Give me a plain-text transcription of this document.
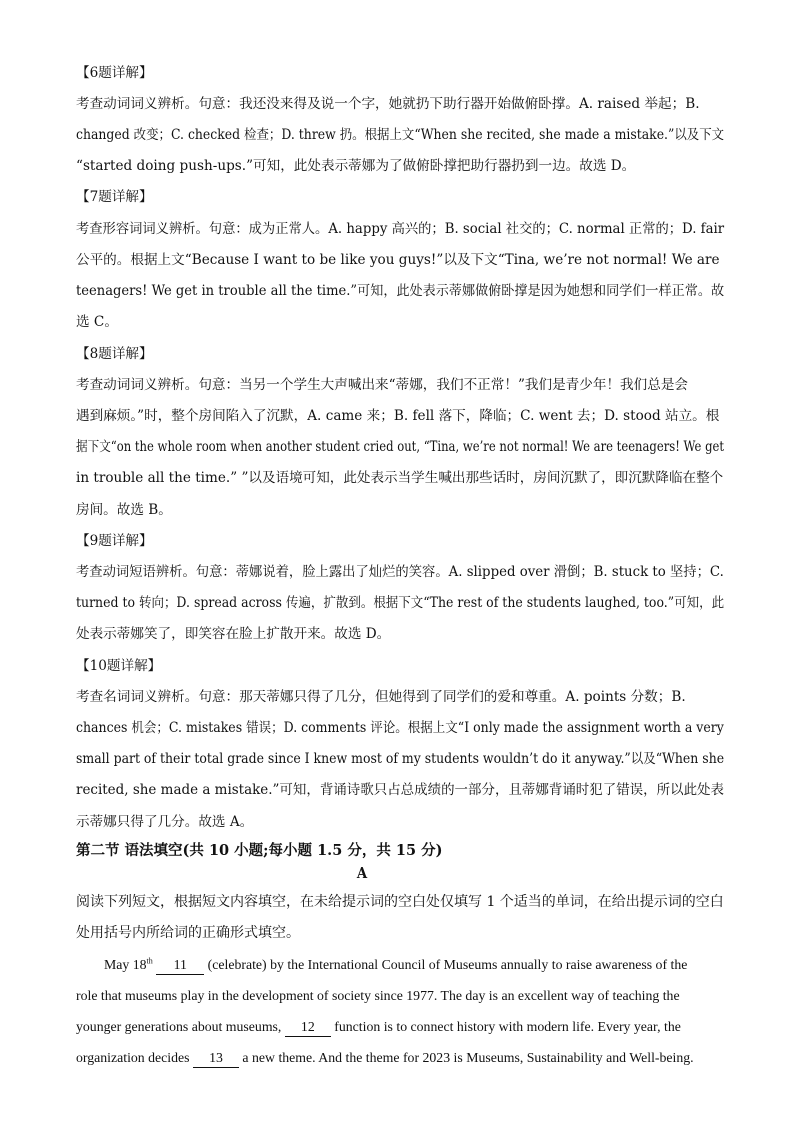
【6题详解】
考查动词词义辨析。句意：我还没来得及说一个字，她就扔下助行器开始做俯卧撑。A. raised 举起；B.
changed 改变；C. checked 检查；D. threw 扔。根据上文“When she recited, she made a mistake.”以及下文
“started doing push-ups.”可知，此处表示蒂娜为了做俯卧撑把助行器扔到一边。故选 D。
【7题详解】
考查形容词词义辨析。句意：成为正常人。A. happy 高兴的；B. social 社交的；C. normal 正常的；D. fair
公平的。根据上文“Because I want to be like you guys!”以及下文“Tina, we’re not normal! We are
teenagers! We get in trouble all the time.”可知，此处表示蒂娜做俯卧撑是因为她想和同学们一样正常。故
选 C。
【8题详解】
考查动词词义辨析。句意：当另一个学生大声喊出来“蒂娜，我们不正常！”我们是青少年！我们总是会
遇到麻烦。”时，整个房间陷入了沉默，A. came 来；B. fell 落下，降临；C. went 去；D. stood 站立。根
据下文“on the whole room when another student cried out, “Tina, we’re not normal! We are teenagers! We get
in trouble all the time.” ”以及语境可知，此处表示当学生喊出那些话时，房间沉默了，即沉默降临在整个
房间。故选 B。
【9题详解】
考查动词短语辨析。句意：蒂娜说着，脸上露出了灿烂的笑容。A. slipped over 滑倒；B. stuck to 坚持；C.
turned to 转向；D. spread across 传遍，扩散到。根据下文“The rest of the students laughed, too.”可知，此
处表示蒂娜笑了，即笑容在脸上扩散开来。故选 D。
【10题详解】
考查名词词义辨析。句意：那天蒂娜只得了几分，但她得到了同学们的爱和尊重。A. points 分数；B.
chances 机会；C. mistakes 错误；D. comments 评论。根据上文“I only made the assignment worth a very
small part of their total grade since I knew most of my students wouldn’t do it anyway.”以及“When she
recited, she made a mistake.”可知，背诵诗歌只占总成绩的一部分，且蒂娜背诵时犯了错误，所以此处表
示蒂娜只得了几分。故选 A。
第二节 语法填空(共 10 小题;每小题 1.5 分，共 15 分)
A
阅读下列短文，根据短文内容填空，在未给提示词的空白处仅填写 1 个适当的单词，在给出提示词的空白
处用括号内所给词的正确形式填空。
May 18th 11 (celebrate) by the International Council of Museums annually to raise awareness of the
role that museums play in the development of society since 1977. The day is an excellent way of teaching the
younger generations about museums, 12 function is to connect history with modern life. Every year, the
organization decides 13 a new theme. And the theme for 2023 is Museums, Sustainability and Well-being.
